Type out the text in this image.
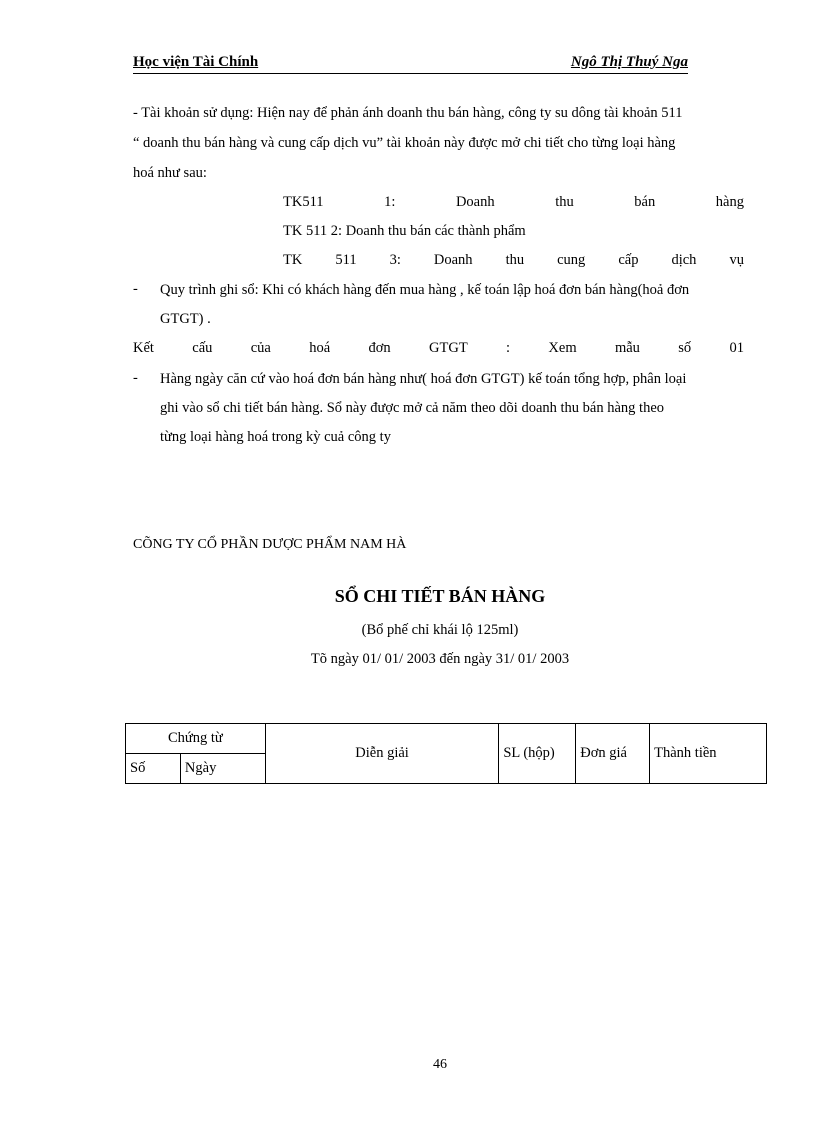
Học viện Tài Chính	Ngô Thị Thuý Nga
- Tài khoản sử dụng: Hiện nay để phản ánh doanh thu bán hàng, công ty su dông tài khoản 511
“ doanh thu bán hàng và cung cấp dịch vu” tài khoản này được mở chi tiết cho từng loại hàng
hoá như sau:
TK511	1:	Doanh	thu	bán	hàng
TK 511 2: Doanh thu bán các thành phẩm
TK 511 3: Doanh thu cung cấp dịch vụ
- Quy trình ghi sổ: Khi có khách hàng đến mua hàng , kế toán lập hoá đơn bán hàng(hoả đơn
GTGT) .
Kết	cấu	của	hoá	đơn	GTGT	:	Xem	mẫu	số	01
- Hàng ngày căn cứ vào hoá đơn bán hàng như( hoá đơn GTGT) kế toán tổng hợp, phân loại
ghi vào sổ chi tiết bán hàng. Sổ này được mở cả năm theo dõi doanh thu bán hàng theo
từng loại hàng hoá trong kỳ cuả công ty
CÕNG TY CỔ PHẦN DƯỢC PHẨM NAM HÀ
SỔ CHI TIẾT BÁN HÀNG
(Bổ phế chỉ khái lộ 125ml)
Tõ ngày 01/ 01/ 2003 đến ngày 31/ 01/ 2003
Chứng từ		Diễn giải	SL (hộp)	Đơn giá	Thành tiền
Số	Ngày				
46
